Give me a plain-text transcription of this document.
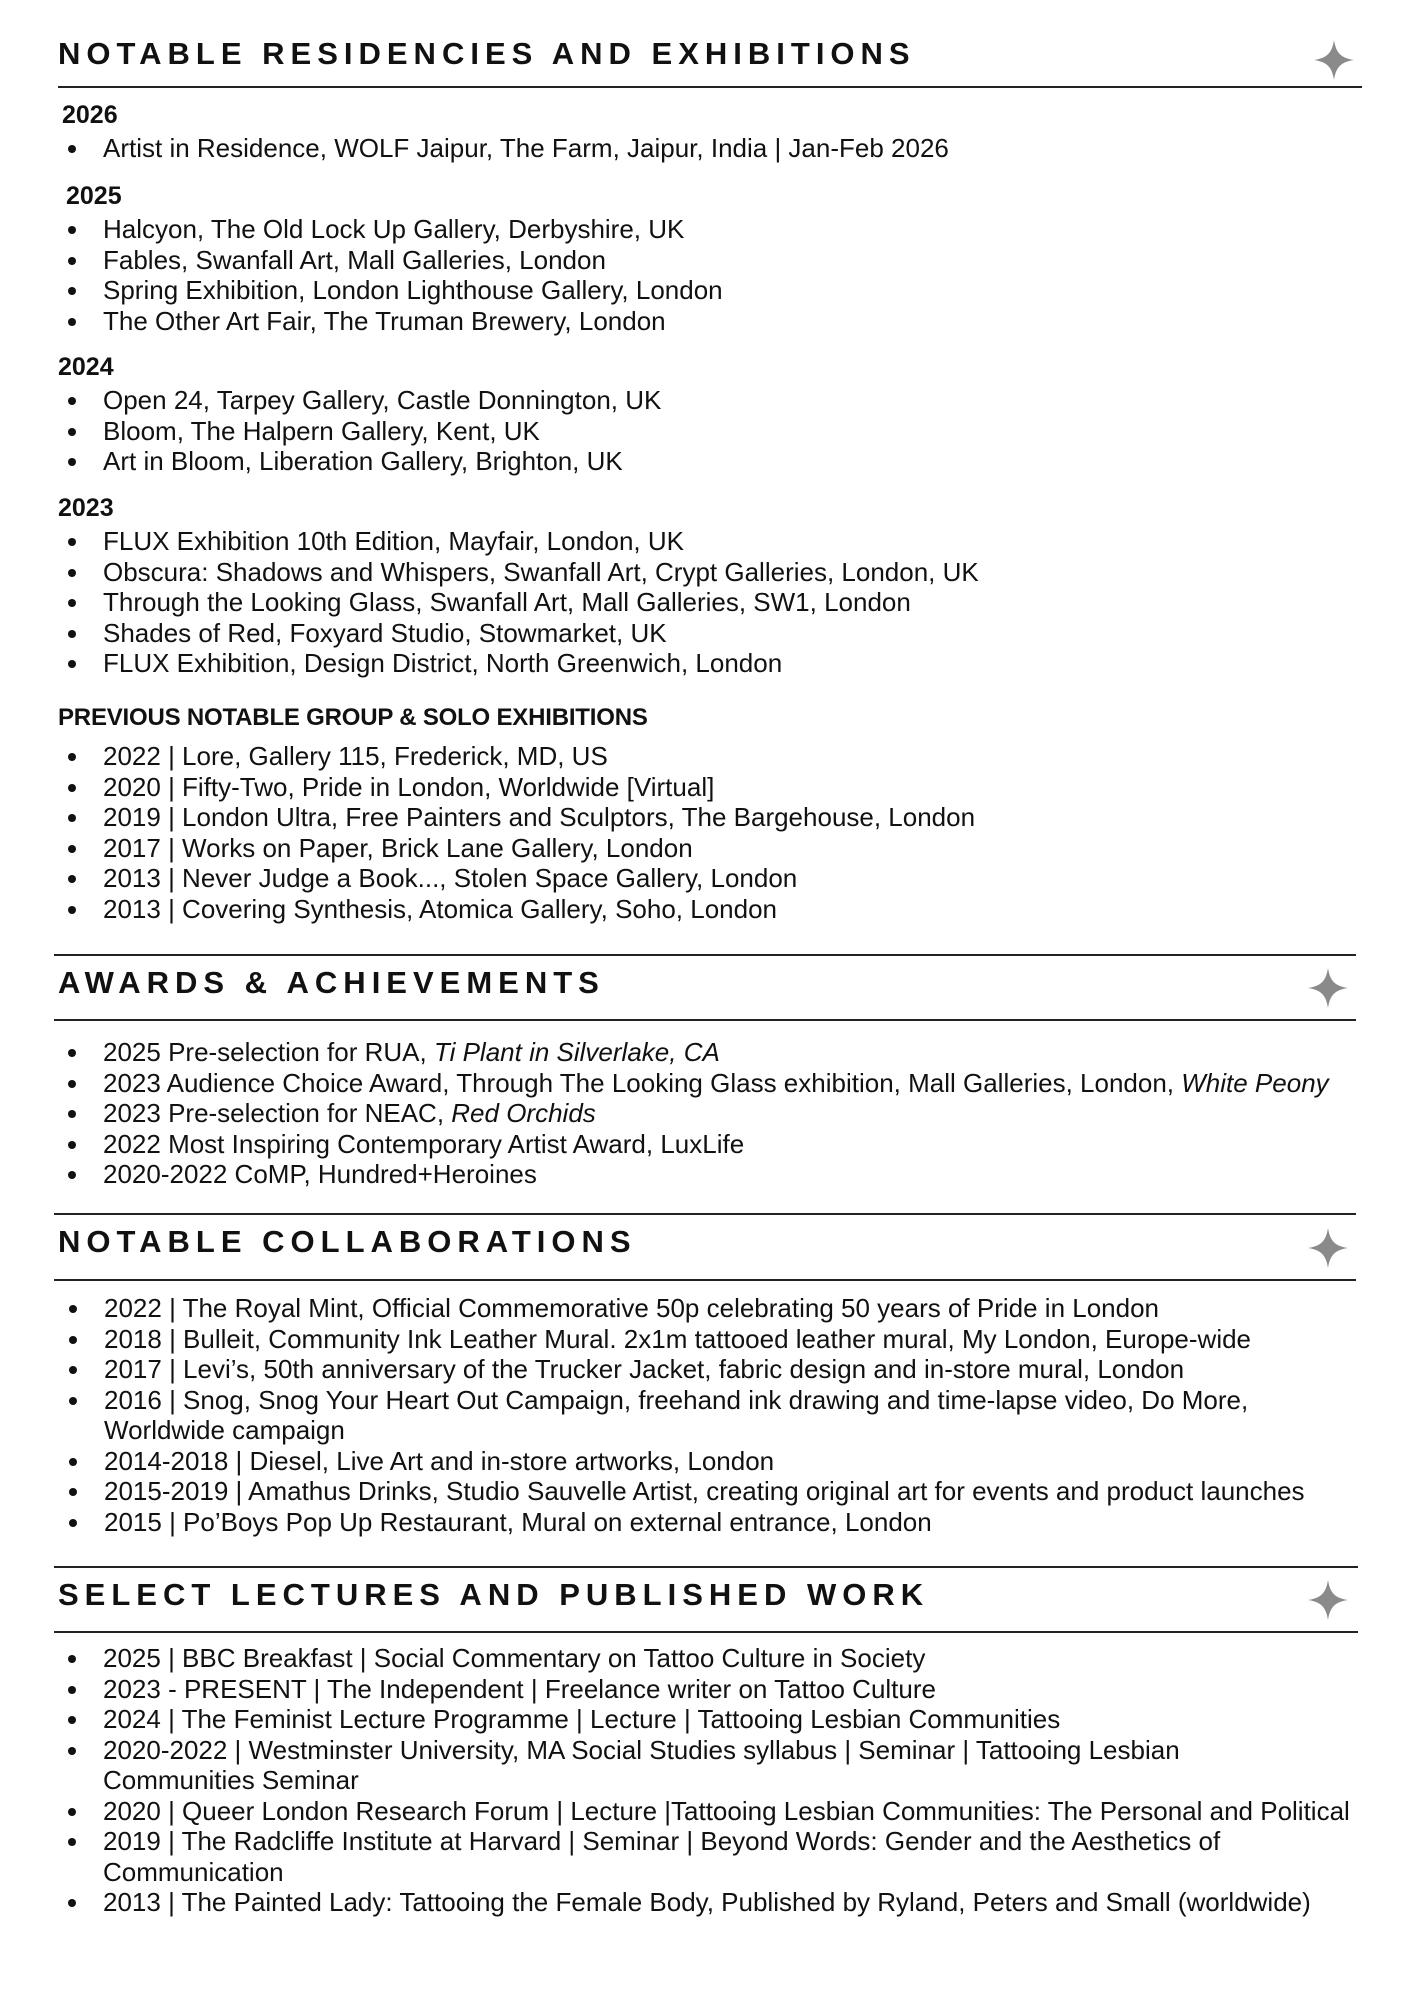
NOTABLE RESIDENCIES AND EXHIBITIONS
2026
Artist in Residence, WOLF Jaipur, The Farm, Jaipur, India | Jan-Feb 2026
2025
Halcyon, The Old Lock Up Gallery, Derbyshire, UK
Fables, Swanfall Art, Mall Galleries, London
Spring Exhibition, London Lighthouse Gallery, London
The Other Art Fair, The Truman Brewery, London
2024
Open 24, Tarpey Gallery, Castle Donnington, UK
Bloom, The Halpern Gallery, Kent, UK
Art in Bloom, Liberation Gallery, Brighton, UK
2023
FLUX Exhibition 10th Edition, Mayfair, London, UK
Obscura: Shadows and Whispers, Swanfall Art, Crypt Galleries, London, UK
Through the Looking Glass, Swanfall Art, Mall Galleries, SW1, London
Shades of Red, Foxyard Studio, Stowmarket, UK
FLUX Exhibition, Design District, North Greenwich, London
PREVIOUS NOTABLE GROUP & SOLO EXHIBITIONS
2022 | Lore, Gallery 115, Frederick, MD, US
2020 | Fifty-Two, Pride in London, Worldwide [Virtual]
2019 | London Ultra, Free Painters and Sculptors, The Bargehouse, London
2017 | Works on Paper, Brick Lane Gallery, London
2013 | Never Judge a Book..., Stolen Space Gallery, London
2013 | Covering Synthesis, Atomica Gallery, Soho, London
AWARDS & ACHIEVEMENTS
2025 Pre-selection for RUA, Ti Plant in Silverlake, CA
2023 Audience Choice Award, Through The Looking Glass exhibition, Mall Galleries, London, White Peony
2023 Pre-selection for NEAC, Red Orchids
2022 Most Inspiring Contemporary Artist Award, LuxLife
2020-2022 CoMP, Hundred+Heroines
NOTABLE COLLABORATIONS
2022 | The Royal Mint, Official Commemorative 50p celebrating 50 years of Pride in London
2018 | Bulleit, Community Ink Leather Mural. 2x1m tattooed leather mural, My London, Europe-wide
2017 | Levi’s, 50th anniversary of the Trucker Jacket, fabric design and in-store mural, London
2016 | Snog, Snog Your Heart Out Campaign, freehand ink drawing and time-lapse video, Do More, Worldwide campaign
2014-2018 | Diesel, Live Art and in-store artworks, London
2015-2019 | Amathus Drinks, Studio Sauvelle Artist, creating original art for events and product launches
2015 | Po’Boys Pop Up Restaurant, Mural on external entrance, London
SELECT LECTURES AND PUBLISHED WORK
2025 | BBC Breakfast | Social Commentary on Tattoo Culture in Society
2023 - PRESENT | The Independent | Freelance writer on Tattoo Culture
2024 | The Feminist Lecture Programme | Lecture | Tattooing Lesbian Communities
2020-2022 | Westminster University, MA Social Studies syllabus | Seminar | Tattooing Lesbian Communities Seminar
2020 | Queer London Research Forum | Lecture |Tattooing Lesbian Communities: The Personal and Political
2019 | The Radcliffe Institute at Harvard | Seminar | Beyond Words: Gender and the Aesthetics of Communication
2013 | The Painted Lady: Tattooing the Female Body, Published by Ryland, Peters and Small (worldwide)
